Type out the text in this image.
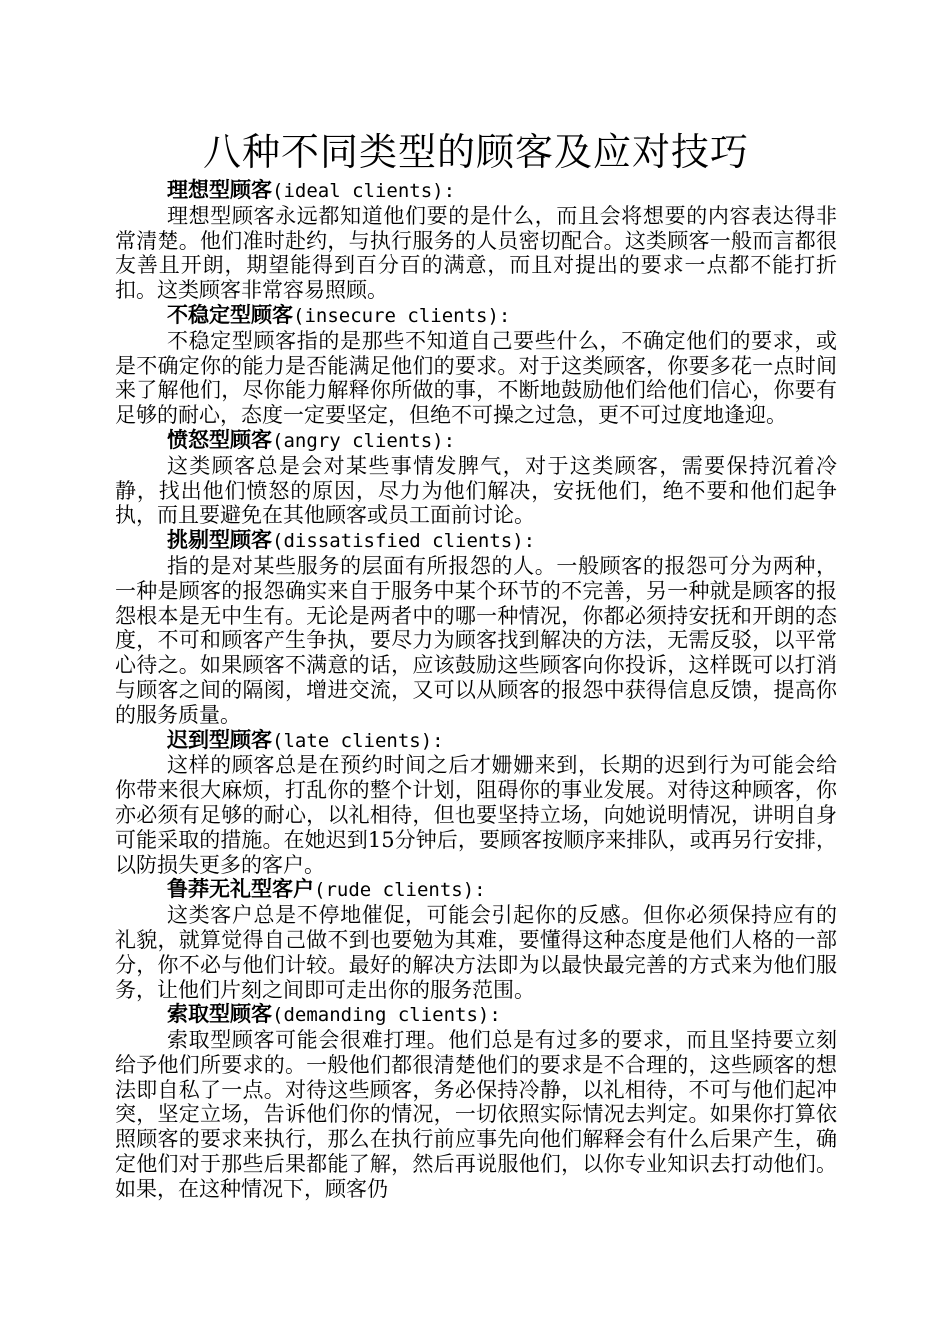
八种不同类型的顾客及应对技巧

理想型顾客(ideal clients):

理想型顾客永远都知道他们要的是什么，而且会将想要的内容表达得非常清楚。他们准时赴约，与执行服务的人员密切配合。这类顾客一般而言都很友善且开朗，期望能得到百分百的满意，而且对提出的要求一点都不能打折扣。这类顾客非常容易照顾。

不稳定型顾客(insecure clients):

不稳定型顾客指的是那些不知道自己要些什么，不确定他们的要求，或是不确定你的能力是否能满足他们的要求。对于这类顾客，你要多花一点时间来了解他们，尽你能力解释你所做的事，不断地鼓励他们给他们信心，你要有足够的耐心，态度一定要坚定，但绝不可操之过急，更不可过度地逢迎。

愤怒型顾客(angry clients):

这类顾客总是会对某些事情发脾气，对于这类顾客，需要保持沉着冷静，找出他们愤怒的原因，尽力为他们解决，安抚他们，绝不要和他们起争执，而且要避免在其他顾客或员工面前讨论。

挑剔型顾客(dissatisfied clients):

指的是对某些服务的层面有所报怨的人。一般顾客的报怨可分为两种，一种是顾客的报怨确实来自于服务中某个环节的不完善，另一种就是顾客的报怨根本是无中生有。无论是两者中的哪一种情况，你都必须持安抚和开朗的态度，不可和顾客产生争执，要尽力为顾客找到解决的方法，无需反驳，以平常心待之。如果顾客不满意的话，应该鼓励这些顾客向你投诉，这样既可以打消与顾客之间的隔阂，增进交流，又可以从顾客的报怨中获得信息反馈，提高你的服务质量。

迟到型顾客(late clients):

这样的顾客总是在预约时间之后才姗姗来到，长期的迟到行为可能会给你带来很大麻烦，打乱你的整个计划，阻碍你的事业发展。对待这种顾客，你亦必须有足够的耐心，以礼相待，但也要坚持立场，向她说明情况，讲明自身可能采取的措施。在她迟到15分钟后，要顾客按顺序来排队，或再另行安排，以防损失更多的客户。

鲁莽无礼型客户(rude clients):

这类客户总是不停地催促，可能会引起你的反感。但你必须保持应有的礼貌，就算觉得自己做不到也要勉为其难，要懂得这种态度是他们人格的一部分，你不必与他们计较。最好的解决方法即为以最快最完善的方式来为他们服务，让他们片刻之间即可走出你的服务范围。

索取型顾客(demanding clients):

索取型顾客可能会很难打理。他们总是有过多的要求，而且坚持要立刻给予他们所要求的。一般他们都很清楚他们的要求是不合理的，这些顾客的想法即自私了一点。对待这些顾客，务必保持冷静，以礼相待，不可与他们起冲突，坚定立场，告诉他们你的情况，一切依照实际情况去判定。如果你打算依照顾客的要求来执行，那么在执行前应事先向他们解释会有什么后果产生，确定他们对于那些后果都能了解，然后再说服他们，以你专业知识去打动他们。如果，在这种情况下，顾客仍
